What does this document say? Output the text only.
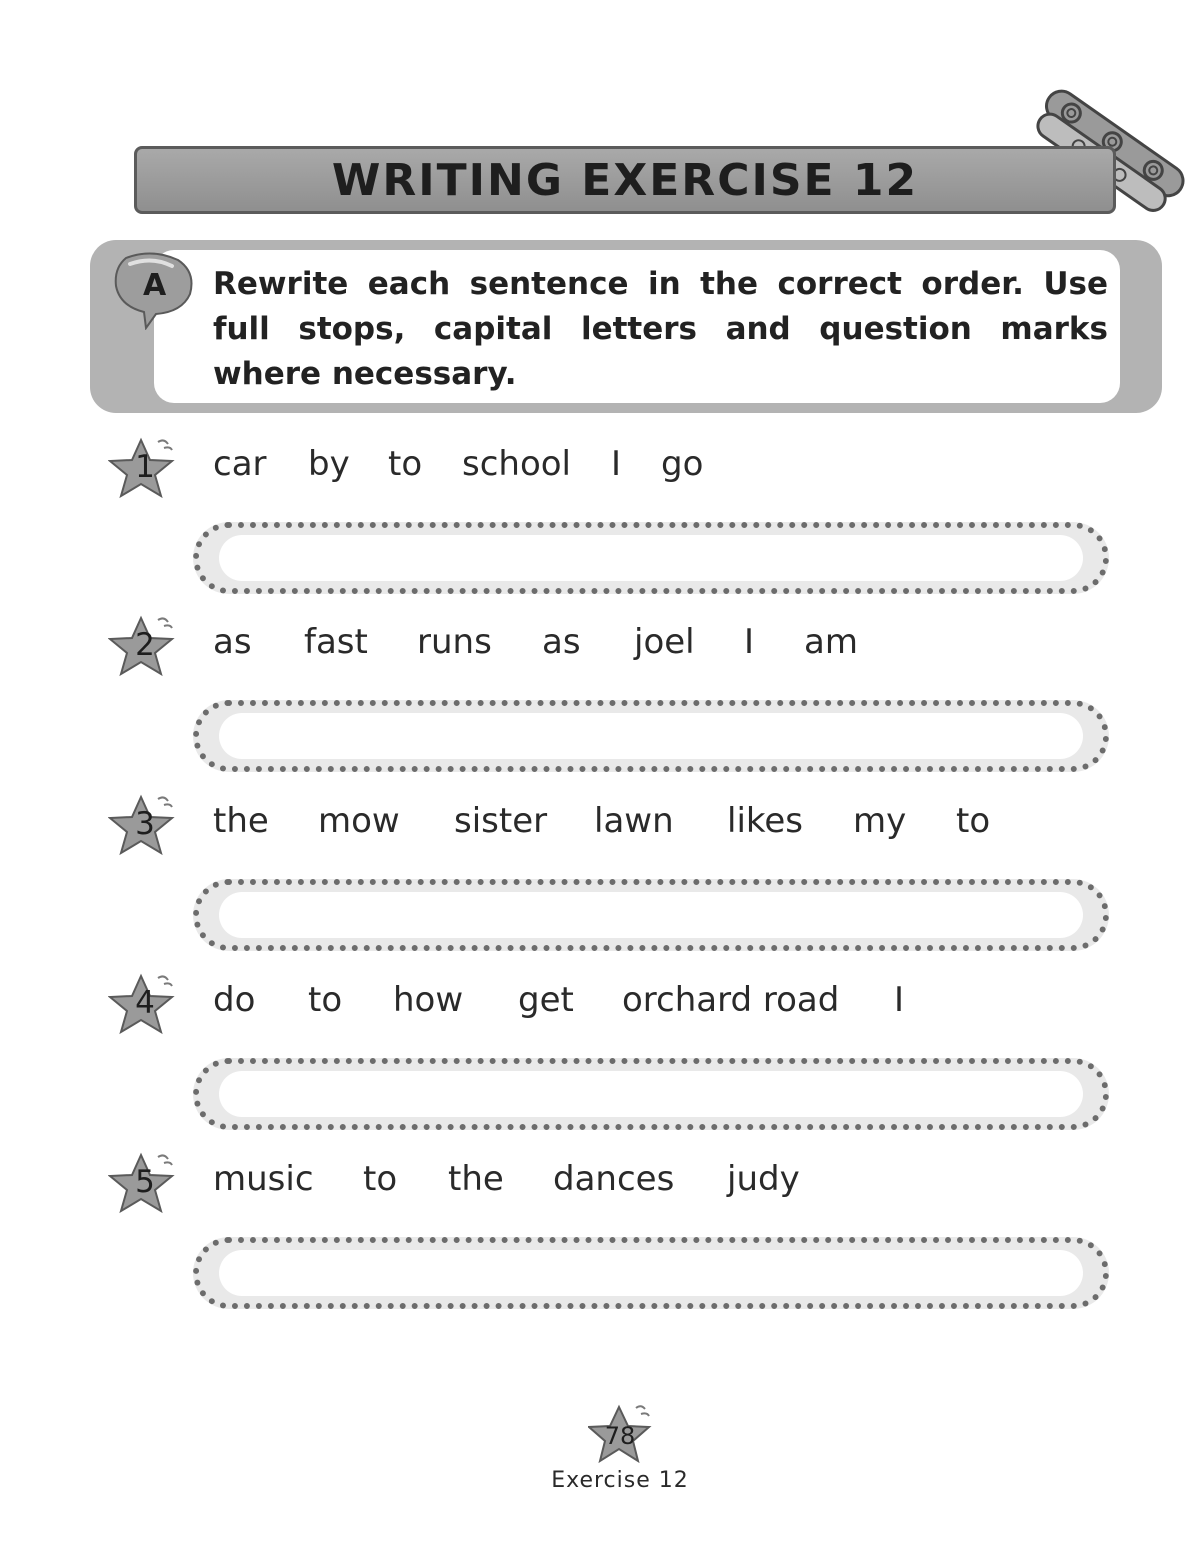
WRITING EXERCISE 12
A Rewrite each sentence in the correct order. Use full stops, capital letters and question marks where necessary.
1 car by to school I go
2 as fast runs as joel I am
3 the mow sister lawn likes my to
4 do to how get orchard road I
5 music to the dances judy
78
Exercise 12
